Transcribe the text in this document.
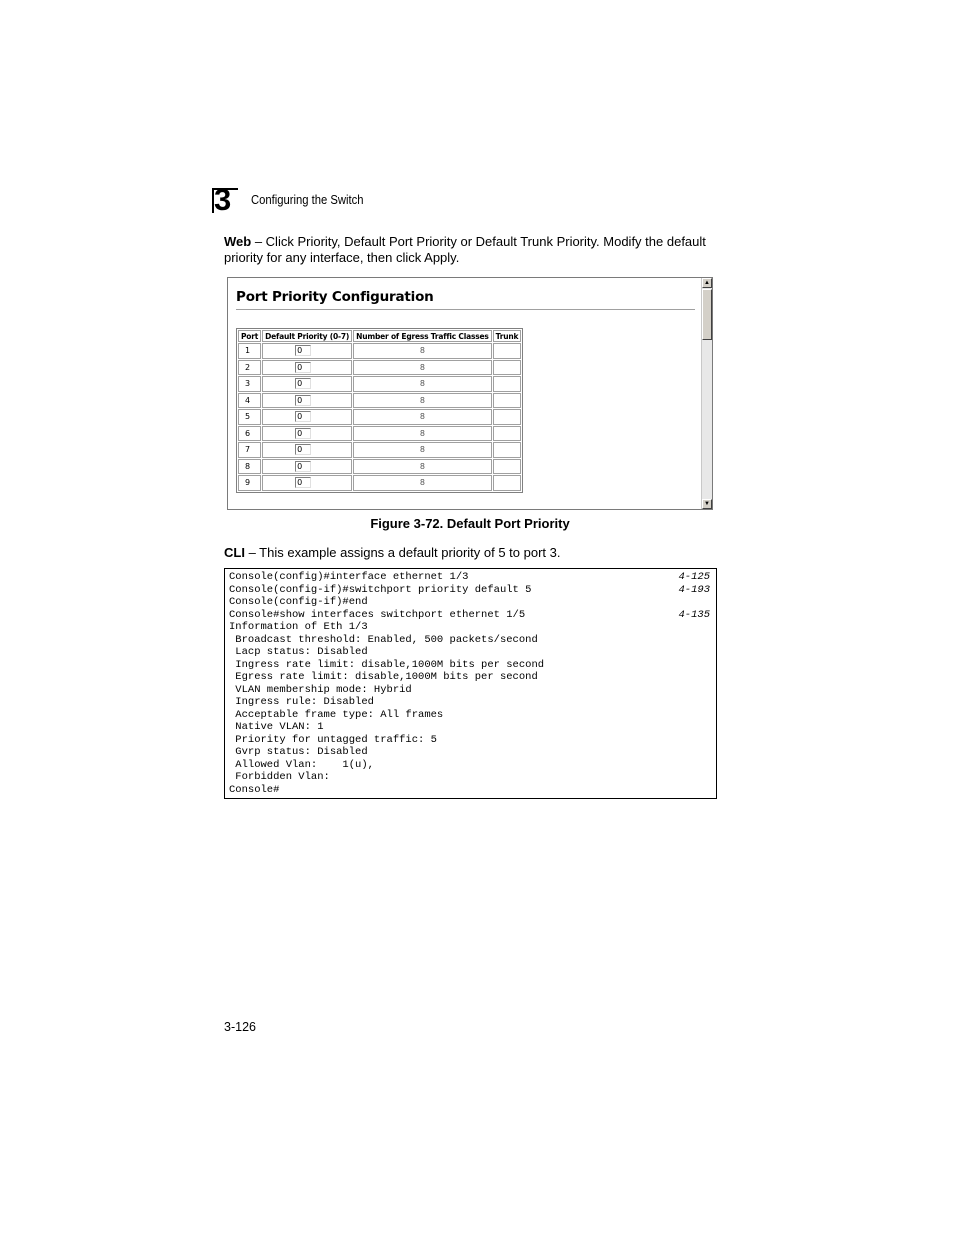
3 Configuring the Switch
Web – Click Priority, Default Port Priority or Default Trunk Priority. Modify the default priority for any interface, then click Apply.
Port Priority Configuration
Port	Default Priority (0-7)	Number of Egress Traffic Classes	Trunk
1	0	8	
2	0	8	
3	0	8	
4	0	8	
5	0	8	
6	0	8	
7	0	8	
8	0	8	
9	0	8	
▲
▼
Figure 3-72. Default Port Priority
CLI – This example assigns a default priority of 5 to port 3.
Console(config)#interface ethernet 1/3	4-125
Console(config-if)#switchport priority default 5	4-193
Console(config-if)#end
Console#show interfaces switchport ethernet 1/5	4-135
Information of Eth 1/3
Broadcast threshold: Enabled, 500 packets/second
Lacp status: Disabled
Ingress rate limit: disable,1000M bits per second
Egress rate limit: disable,1000M bits per second
VLAN membership mode: Hybrid
Ingress rule: Disabled
Acceptable frame type: All frames
Native VLAN: 1
Priority for untagged traffic: 5
Gvrp status: Disabled
Allowed Vlan:    1(u),
Forbidden Vlan:
Console#
3-126
